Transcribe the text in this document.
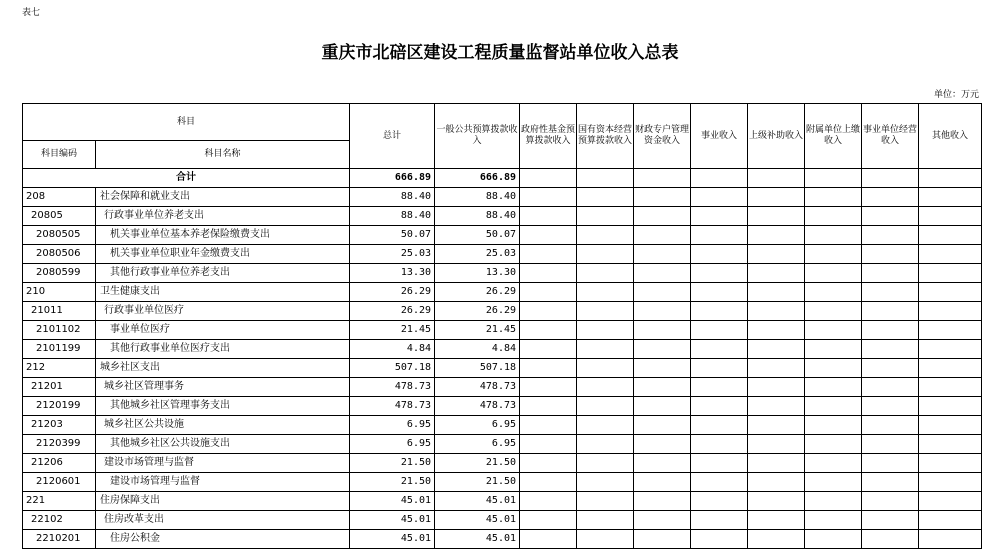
表七
重庆市北碚区建设工程质量监督站单位收入总表
单位：万元
科目		总计	一般公共预算拨款收入	政府性基金预算拨款收入	国有资本经营预算拨款收入	财政专户管理资金收入	事业收入	上级补助收入	附属单位上缴收入	事业单位经营收入	其他收入
科目编码	科目名称										
合计		666.89	666.89								
208	社会保障和就业支出	88.40	88.40								
20805	行政事业单位养老支出	88.40	88.40								
2080505	机关事业单位基本养老保险缴费支出	50.07	50.07								
2080506	机关事业单位职业年金缴费支出	25.03	25.03								
2080599	其他行政事业单位养老支出	13.30	13.30								
210	卫生健康支出	26.29	26.29								
21011	行政事业单位医疗	26.29	26.29								
2101102	事业单位医疗	21.45	21.45								
2101199	其他行政事业单位医疗支出	4.84	4.84								
212	城乡社区支出	507.18	507.18								
21201	城乡社区管理事务	478.73	478.73								
2120199	其他城乡社区管理事务支出	478.73	478.73								
21203	城乡社区公共设施	6.95	6.95								
2120399	其他城乡社区公共设施支出	6.95	6.95								
21206	建设市场管理与监督	21.50	21.50								
2120601	建设市场管理与监督	21.50	21.50								
221	住房保障支出	45.01	45.01								
22102	住房改革支出	45.01	45.01								
2210201	住房公积金	45.01	45.01								
